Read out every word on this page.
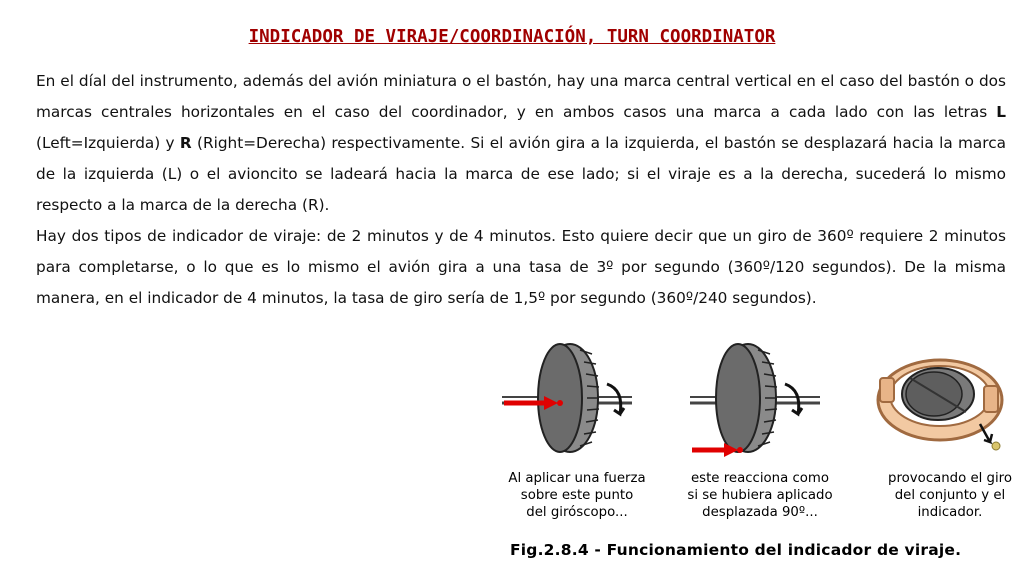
INDICADOR DE VIRAJE/COORDINACIÓN, TURN COORDINATOR

En el díal del instrumento, además del avión miniatura o el bastón, hay una marca central vertical en el caso del bastón o dos marcas centrales horizontales en el caso del coordinador, y en ambos casos una marca a cada lado con las letras L (Left=Izquierda) y R (Right=Derecha) respectivamente. Si el avión gira a la izquierda, el bastón se desplazará hacia la marca de la izquierda (L) o el avioncito se ladeará hacia la marca de ese lado; si el viraje es a la derecha, sucederá lo mismo respecto a la marca de la derecha (R).

Hay dos tipos de indicador de viraje: de 2 minutos y de 4 minutos. Esto quiere decir que un giro de 360º requiere 2 minutos para completarse, o lo que es lo mismo el avión gira a una tasa de 3º por segundo (360º/120 segundos). De la misma manera, en el indicador de 4 minutos, la tasa de giro sería de 1,5º por segundo (360º/240 segundos).

Al aplicar una fuerza
sobre este punto
del giróscopo...
este reacciona como
si se hubiera aplicado
desplazada 90º...
provocando el giro
del conjunto y el
indicador.
Fig.2.8.4 - Funcionamiento del indicador de viraje.
